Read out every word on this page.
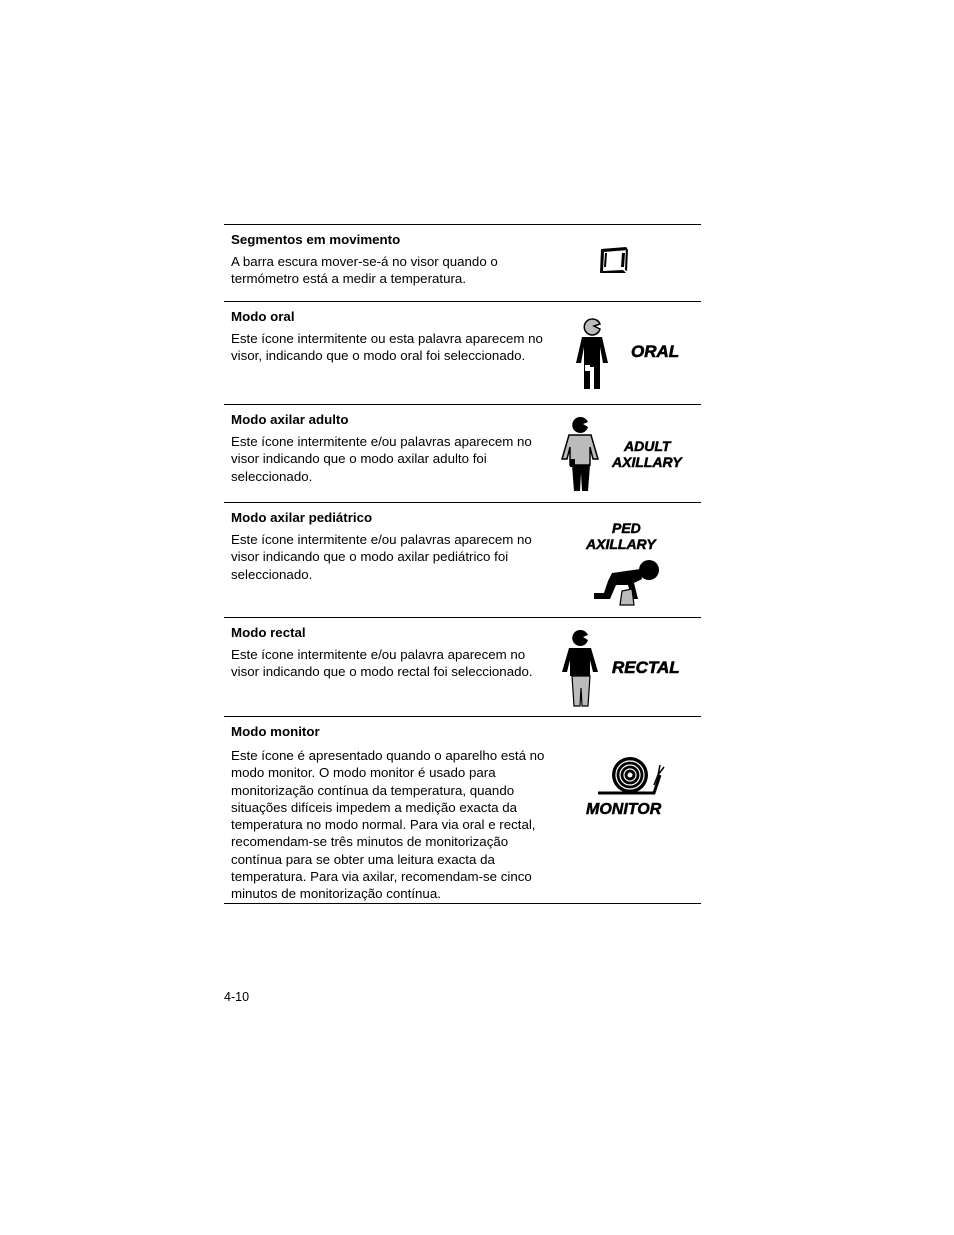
Segmentos em movimento

A barra escura mover-se-á no visor quando o termómetro está a medir a temperatura.

Modo oral

Este ícone intermitente ou esta palavra aparecem no visor, indicando que o modo oral foi seleccionado.	ORAL

Modo axilar adulto

Este ícone intermitente e/ou palavras aparecem no visor indicando que o modo axilar adulto foi seleccionado.

ADULT
AXILLARY

Modo axilar pediátrico

Este ícone intermitente e/ou palavras aparecem no visor indicando que o modo axilar pediátrico foi seleccionado.

PED
AXILLARY

Modo rectal

Este ícone intermitente e/ou palavra aparecem no visor indicando que o modo rectal foi seleccionado.	RECTAL

Modo monitor

Este ícone é apresentado quando o aparelho está no modo monitor. O modo monitor é usado para monitorização contínua da temperatura, quando situações difíceis impedem a medição exacta da temperatura no modo normal. Para via oral e rectal, recomendam-se três minutos de monitorização contínua para se obter uma leitura exacta da temperatura. Para via axilar, recomendam-se cinco minutos de monitorização contínua.

MONITOR
4-10
